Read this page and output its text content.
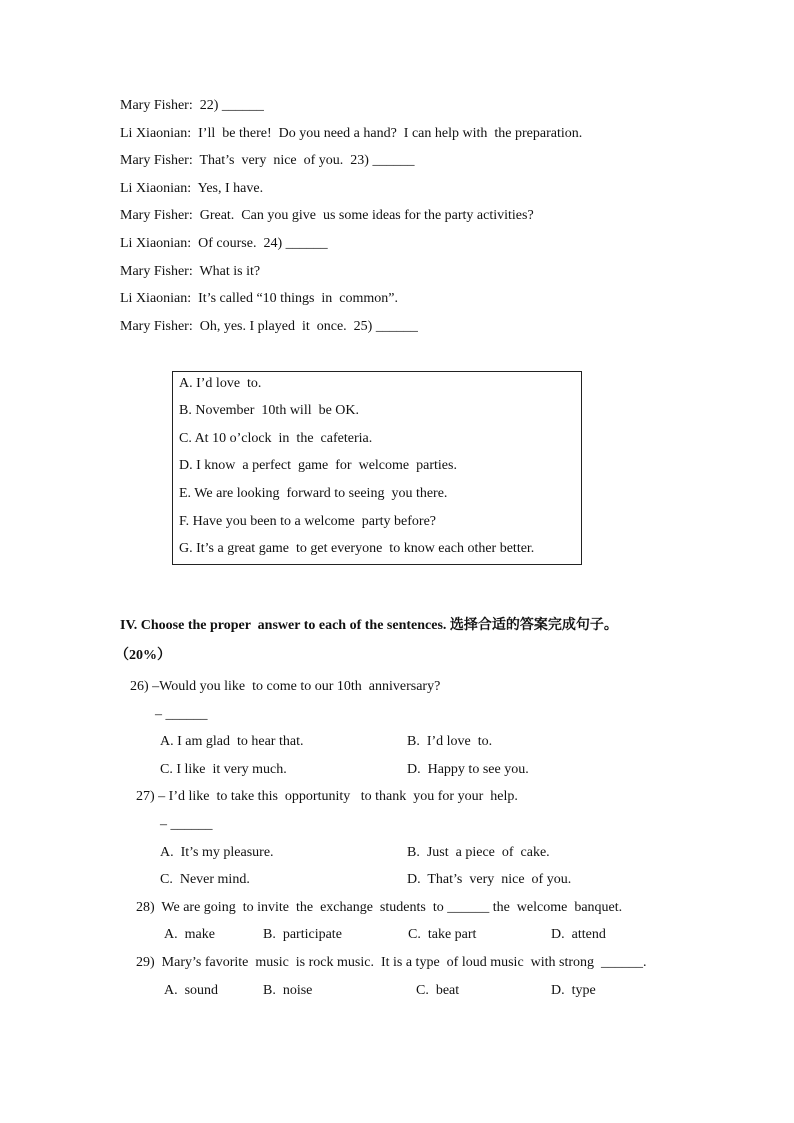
Mary Fisher:  22) ______
Li Xiaonian:  I’ll  be there!  Do you need a hand?  I can help with  the preparation.
Mary Fisher:  That’s  very  nice  of you.  23) ______
Li Xiaonian:  Yes, I have.
Mary Fisher:  Great.  Can you give  us some ideas for the party activities?
Li Xiaonian:  Of course.  24) ______
Mary Fisher:  What is it?
Li Xiaonian:  It’s called “10 things  in  common”.
Mary Fisher:  Oh, yes. I played  it  once.  25) ______
A. I’d love  to.
B. November  10th will  be OK.
C. At 10 o’clock  in  the  cafeteria.
D. I know  a perfect  game  for  welcome  parties.
E. We are looking  forward to seeing  you there.
F. Have you been to a welcome  party before?
G. It’s a great game  to get everyone  to know each other better.
IV. Choose the proper  answer to each of the sentences. 选择合适的答案完成句子。
（20%）
26) –Would you like  to come to our 10th  anniversary?
– ______
A. I am glad  to hear that.	B.  I’d love  to.
C. I like  it very much.	D.  Happy to see you.
27) – I’d like  to take this  opportunity   to thank  you for your  help.
– ______
A.  It’s my pleasure.	B.  Just  a piece  of  cake.
C.  Never mind.	D.  That’s  very  nice  of you.
28)  We are going  to invite  the  exchange  students  to ______ the  welcome  banquet.
A.  make	B.  participate	C.  take part	D.  attend
29)  Mary’s favorite  music  is rock music.  It is a type  of loud music  with strong  ______.
A.  sound	B.  noise	C.  beat	D.  type
